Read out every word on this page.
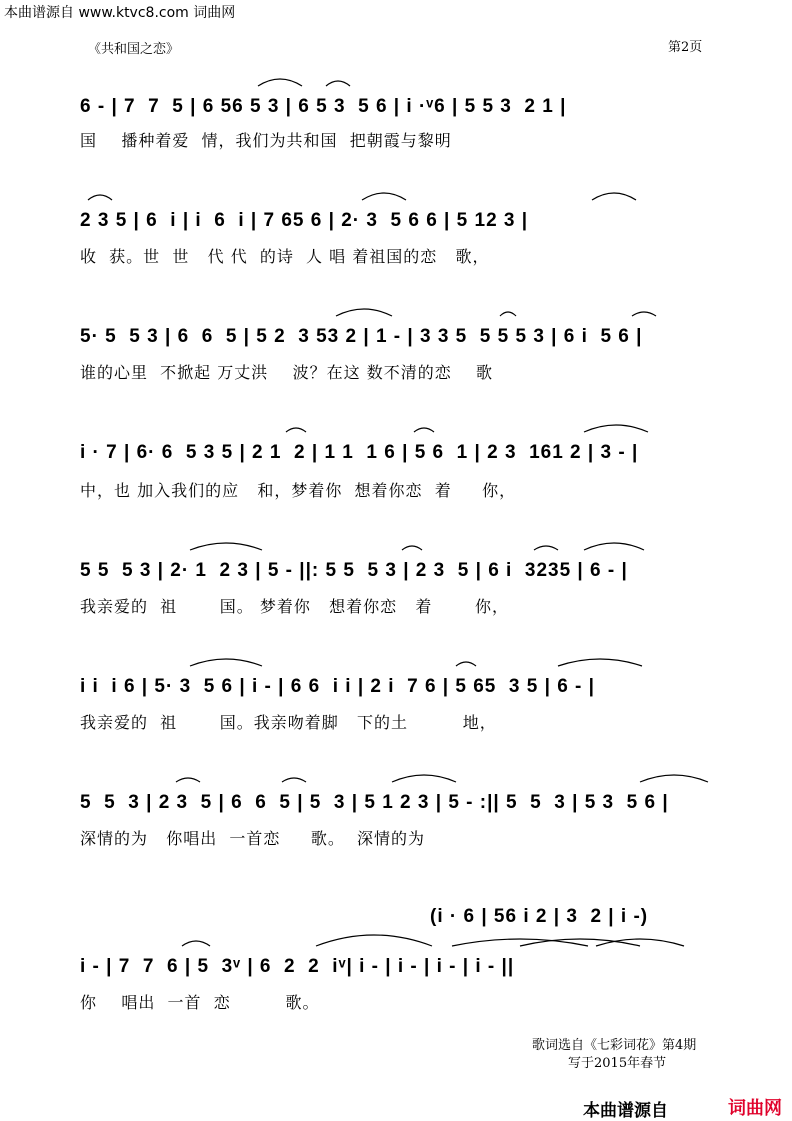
本曲谱源自 www.ktvc8.com 词曲网
《共和国之恋》	第2页
6 - | 7  7  5 | 6 56 5 3 | 6 5 3  5 6 | i ·ᵛ6 | 5 5 3  2 1 |
国    播种着爱  情，我们为共和国  把朝霞与黎明
2 3 5 | 6  i | i  6  i | 7 65 6 | 2· 3  5 6 6 | 5 12 3 |
收  获。世  世   代 代  的诗  人 唱 着祖国的恋   歌，
5· 5  5 3 | 6  6  5 | 5 2  3 53 2 | 1 - | 3 3 5  5 5 5 3 | 6 i  5 6 |
谁的心里  不掀起 万丈洪    波？在这 数不清的恋    歌
i · 7 | 6· 6  5 3 5 | 2 1  2 | 1 1  1 6 | 5 6  1 | 2 3  161 2 | 3 - |
中，也 加入我们的应   和，梦着你  想着你恋  着     你，
5 5  5 3 | 2· 1  2 3 | 5 - ||: 5 5  5 3 | 2 3  5 | 6 i  3235 | 6 - |
我亲爱的  祖       国。 梦着你   想着你恋   着       你，
i i  i 6 | 5· 3  5 6 | i - | 6 6  i i | 2 i  7 6 | 5 65  3 5 | 6 - |
我亲爱的  祖       国。我亲吻着脚   下的土         地，
5  5  3 | 2 3  5 | 6  6  5 | 5  3 | 5 1 2 3 | 5 - :|| 5  5  3 | 5 3  5 6 |
深情的为   你唱出  一首恋     歌。  深情的为
(i · 6 | 56 i 2 | 3  2 | i -)
i - | 7  7  6 | 5  3ᵛ | 6  2  2  iᵛ| i - | i - | i - | i - ||
你    唱出  一首  恋         歌。
歌词选自《七彩词花》第4期
写于2015年春节
本曲谱源自	词曲网
